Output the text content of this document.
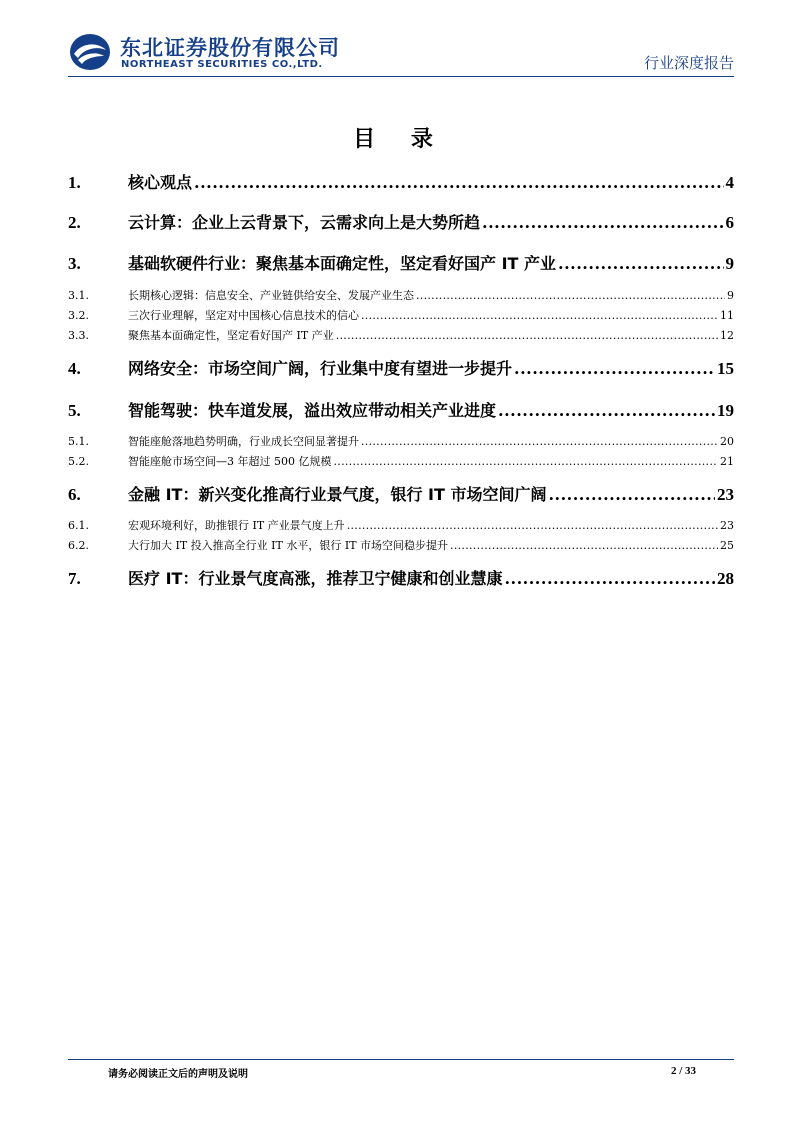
东北证券股份有限公司
NORTHEAST SECURITIES CO.,LTD.	行业深度报告
目 录
1.	核心观点 .....	4
2.	云计算：企业上云背景下，云需求向上是大势所趋 .....	6
3.	基础软硬件行业：聚焦基本面确定性，坚定看好国产 IT 产业 .....	9
3.1.	长期核心逻辑：信息安全、产业链供给安全、发展产业生态 .....	9
3.2.	三次行业理解，坚定对中国核心信息技术的信心 .....	11
3.3.	聚焦基本面确定性，坚定看好国产 IT 产业 .....	12
4.	网络安全：市场空间广阔，行业集中度有望进一步提升 .....	15
5.	智能驾驶：快车道发展，溢出效应带动相关产业进度 .....	19
5.1.	智能座舱落地趋势明确，行业成长空间显著提升 .....	20
5.2.	智能座舱市场空间—3 年超过 500 亿规模 .....	21
6.	金融 IT：新兴变化推高行业景气度，银行 IT 市场空间广阔 .....	23
6.1.	宏观环境利好，助推银行 IT 产业景气度上升 .....	23
6.2.	大行加大 IT 投入推高全行业 IT 水平，银行 IT 市场空间稳步提升 .....	25
7.	医疗 IT：行业景气度高涨，推荐卫宁健康和创业慧康 .....	28
请务必阅读正文后的声明及说明	2 / 33
